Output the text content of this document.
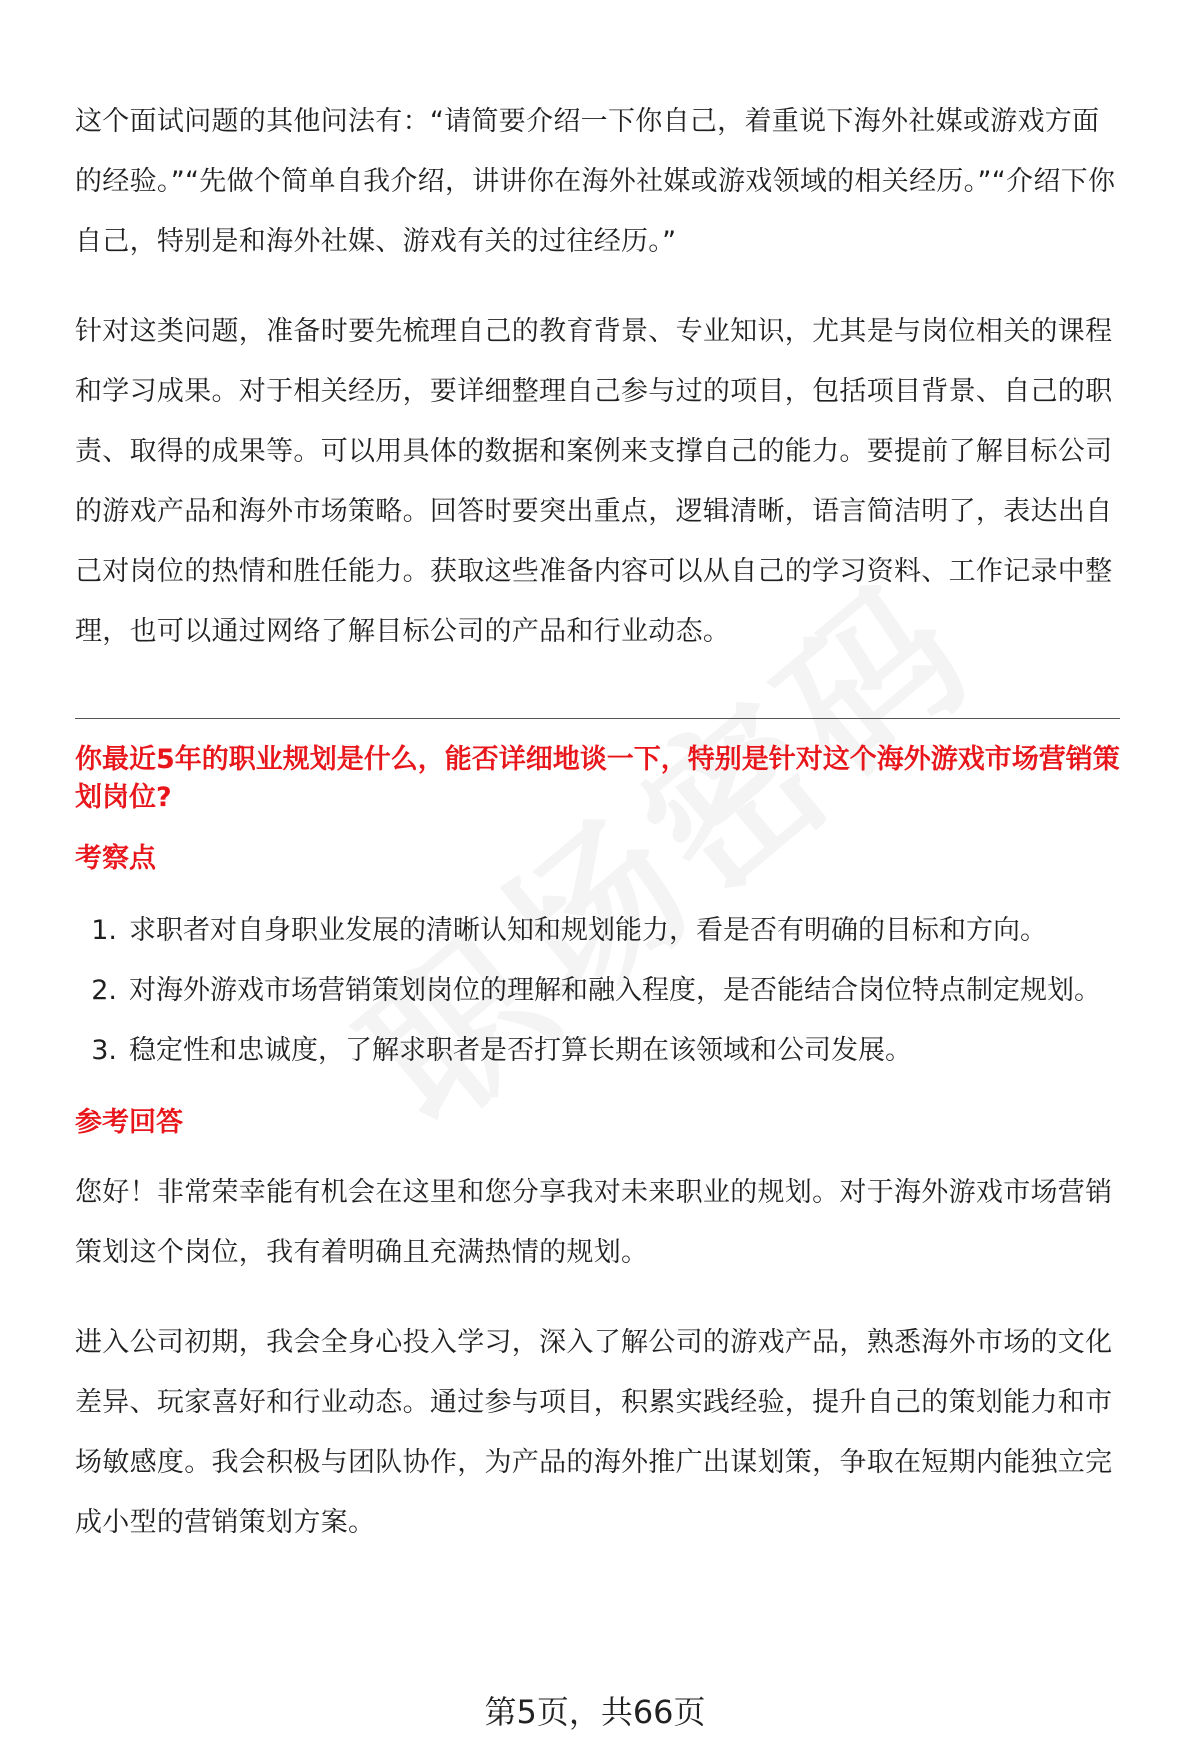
这个面试问题的其他问法有：“请简要介绍一下你自己，着重说下海外社媒或游戏方面的经验。”“先做个简单自我介绍，讲讲你在海外社媒或游戏领域的相关经历。”“介绍下你自己，特别是和海外社媒、游戏有关的过往经历。”

针对这类问题，准备时要先梳理自己的教育背景、专业知识，尤其是与岗位相关的课程和学习成果。对于相关经历，要详细整理自己参与过的项目，包括项目背景、自己的职责、取得的成果等。可以用具体的数据和案例来支撑自己的能力。要提前了解目标公司的游戏产品和海外市场策略。回答时要突出重点，逻辑清晰，语言简洁明了，表达出自己对岗位的热情和胜任能力。获取这些准备内容可以从自己的学习资料、工作记录中整理，也可以通过网络了解目标公司的产品和行业动态。

你最近5年的职业规划是什么，能否详细地谈一下，特别是针对这个海外游戏市场营销策划岗位?

考察点

1. 求职者对自身职业发展的清晰认知和规划能力，看是否有明确的目标和方向。
2. 对海外游戏市场营销策划岗位的理解和融入程度，是否能结合岗位特点制定规划。
3. 稳定性和忠诚度，了解求职者是否打算长期在该领域和公司发展。

参考回答

您好！非常荣幸能有机会在这里和您分享我对未来职业的规划。对于海外游戏市场营销策划这个岗位，我有着明确且充满热情的规划。

进入公司初期，我会全身心投入学习，深入了解公司的游戏产品，熟悉海外市场的文化差异、玩家喜好和行业动态。通过参与项目，积累实践经验，提升自己的策划能力和市场敏感度。我会积极与团队协作，为产品的海外推广出谋划策，争取在短期内能独立完成小型的营销策划方案。

第5页，共66页
